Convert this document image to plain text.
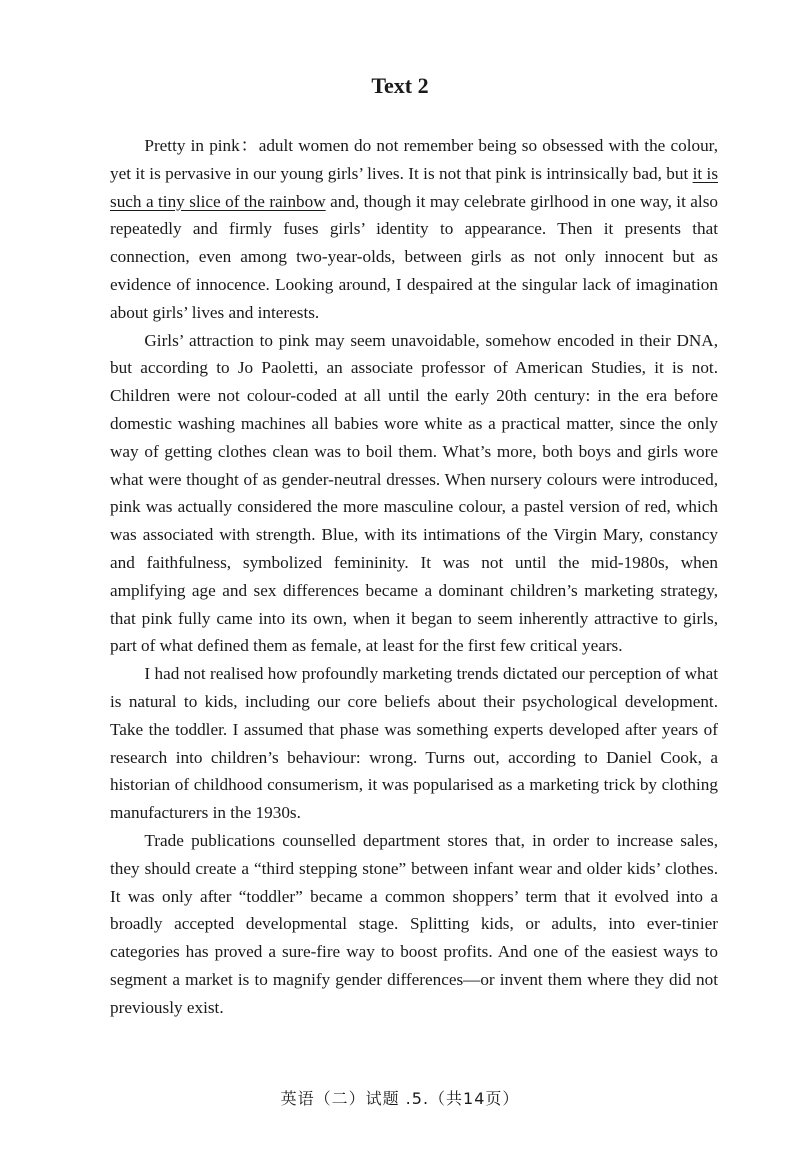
Text 2

Pretty in pink：adult women do not remember being so obsessed with the colour, yet it is pervasive in our young girls’ lives. It is not that pink is intrinsically bad, but it is such a tiny slice of the rainbow and, though it may celebrate girlhood in one way, it also repeatedly and firmly fuses girls’ identity to appearance. Then it presents that connection, even among two-year-olds, between girls as not only innocent but as evidence of innocence. Looking around, I despaired at the singular lack of imagination about girls’ lives and interests.

Girls’ attraction to pink may seem unavoidable, somehow encoded in their DNA, but according to Jo Paoletti, an associate professor of American Studies, it is not. Children were not colour-coded at all until the early 20th century: in the era before domestic washing machines all babies wore white as a practical matter, since the only way of getting clothes clean was to boil them. What’s more, both boys and girls wore what were thought of as gender-neutral dresses. When nursery colours were introduced, pink was actually considered the more masculine colour, a pastel version of red, which was associated with strength. Blue, with its intimations of the Virgin Mary, constancy and faithfulness, symbolized femininity. It was not until the mid-1980s, when amplifying age and sex differences became a dominant children’s marketing strategy, that pink fully came into its own, when it began to seem inherently attractive to girls, part of what defined them as female, at least for the first few critical years.

I had not realised how profoundly marketing trends dictated our perception of what is natural to kids, including our core beliefs about their psychological development. Take the toddler. I assumed that phase was something experts developed after years of research into children’s behaviour: wrong. Turns out, according to Daniel Cook, a historian of childhood consumerism, it was popularised as a marketing trick by clothing manufacturers in the 1930s.

Trade publications counselled department stores that, in order to increase sales, they should create a “third stepping stone” between infant wear and older kids’ clothes. It was only after “toddler” became a common shoppers’ term that it evolved into a broadly accepted developmental stage. Splitting kids, or adults, into ever-tinier categories has proved a sure-fire way to boost profits. And one of the easiest ways to segment a market is to magnify gender differences—or invent them where they did not previously exist.

英语（二）试题 .5.（共14页）
